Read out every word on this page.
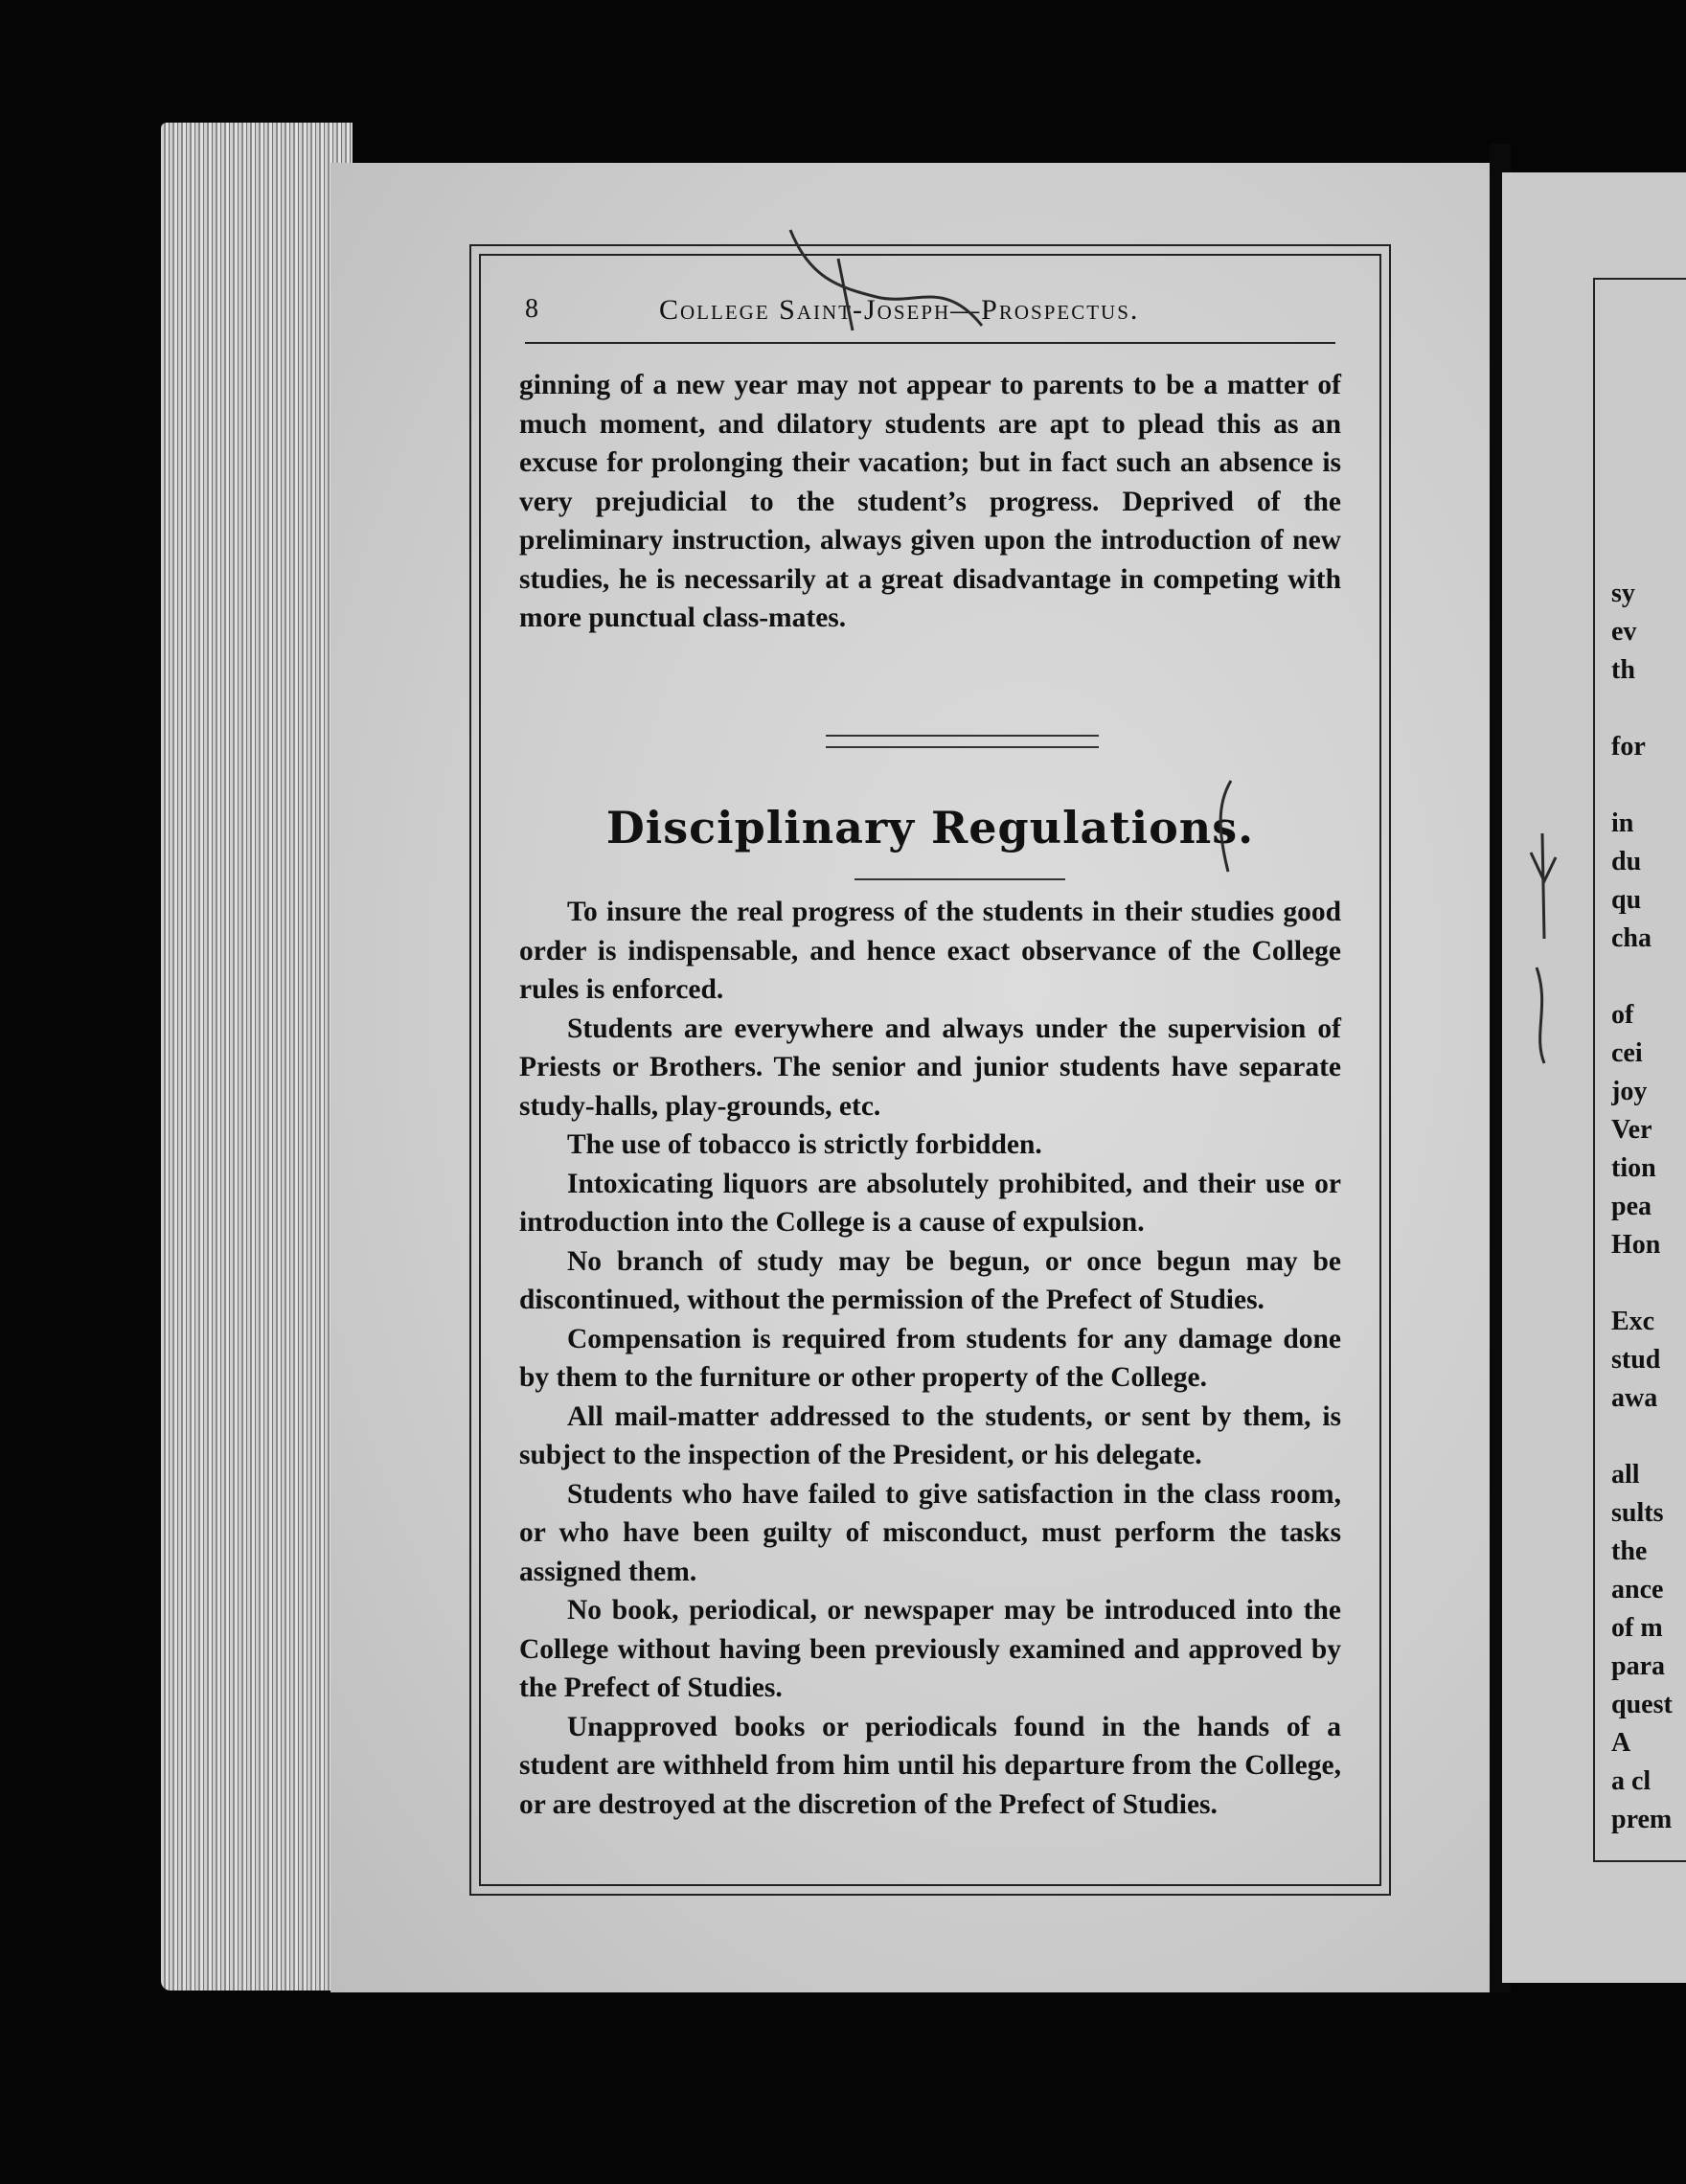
8	College Saint-Joseph—Prospectus.

ginning of a new year may not appear to parents to be a matter of much moment, and dilatory students are apt to plead this as an excuse for prolonging their vacation; but in fact such an absence is very prejudicial to the student’s progress. Deprived of the preliminary instruction, always given upon the introduction of new studies, he is necessarily at a great disadvantage in competing with more punctual class-mates.

Disciplinary Regulations.

To insure the real progress of the students in their studies good order is indispensable, and hence exact observance of the College rules is enforced.

Students are everywhere and always under the supervision of Priests or Brothers. The senior and junior students have separate study-halls, play-grounds, etc.

The use of tobacco is strictly forbidden.

Intoxicating liquors are absolutely prohibited, and their use or introduction into the College is a cause of expulsion.

No branch of study may be begun, or once begun may be discontinued, without the permission of the Prefect of Studies.

Compensation is required from students for any damage done by them to the furniture or other property of the College.

All mail-matter addressed to the students, or sent by them, is subject to the inspection of the President, or his delegate.

Students who have failed to give satisfaction in the class room, or who have been guilty of misconduct, must perform the tasks assigned them.

No book, periodical, or newspaper may be introduced into the College without having been previously examined and approved by the Prefect of Studies.

Unapproved books or periodicals found in the hands of a student are withheld from him until his departure from the College, or are destroyed at the discretion of the Prefect of Studies.

sy
ev
th
for
in
du
qu
cha
of
cei
joy
Ver
tion
pea
Hon
Exc
stud
awa
all
sults
the
ance
of m
para
quest
A
a cl
prem
